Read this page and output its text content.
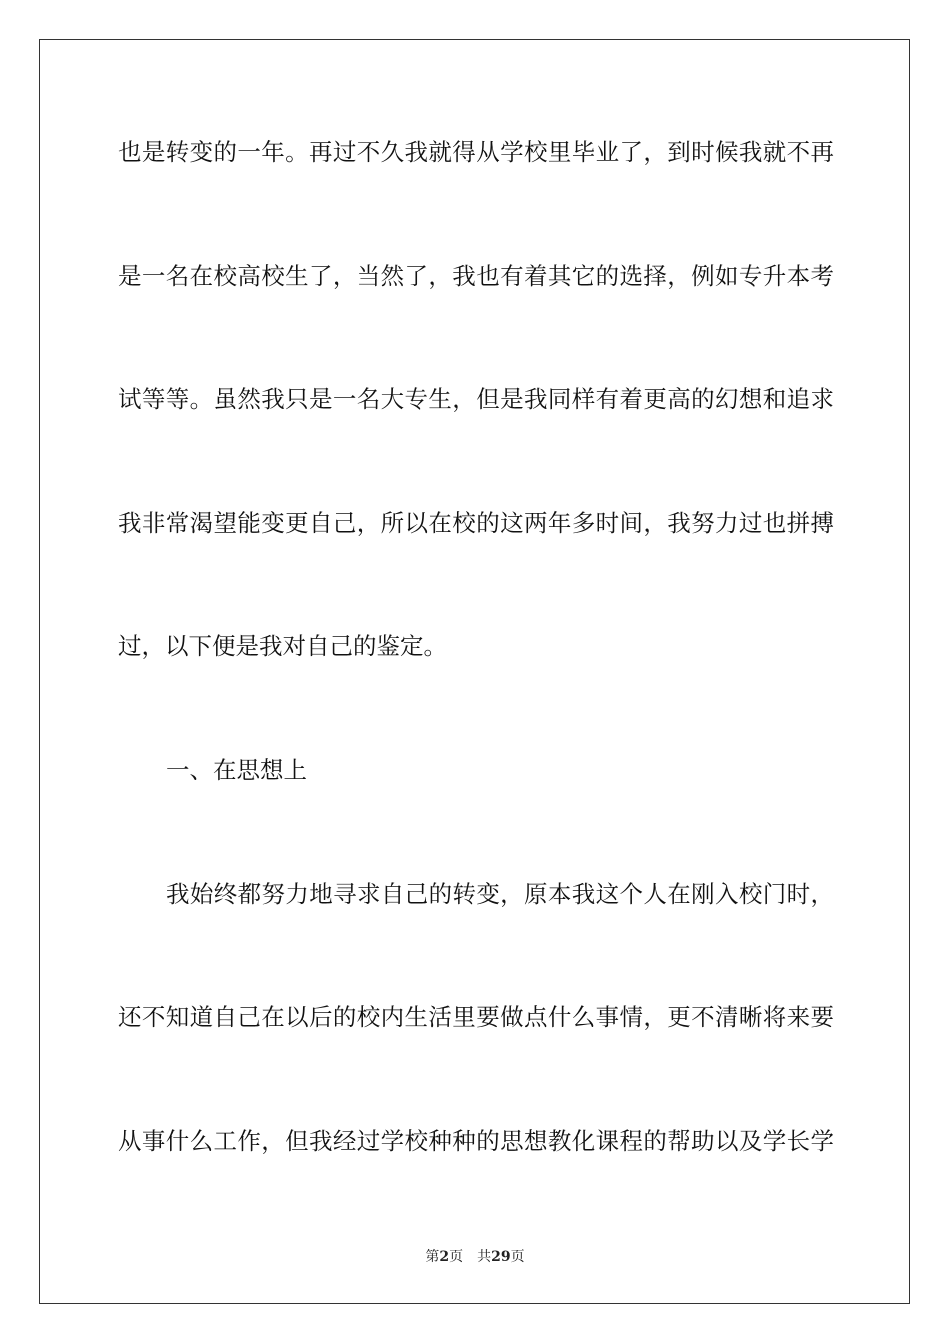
也是转变的一年。再过不久我就得从学校里毕业了，到时候我就不再
是一名在校高校生了，当然了，我也有着其它的选择，例如专升本考
试等等。虽然我只是一名大专生，但是我同样有着更高的幻想和追求
我非常渴望能变更自己，所以在校的这两年多时间，我努力过也拼搏
过，以下便是我对自己的鉴定。
一、在思想上
我始终都努力地寻求自己的转变，原本我这个人在刚入校门时，
还不知道自己在以后的校内生活里要做点什么事情，更不清晰将来要
从事什么工作，但我经过学校种种的思想教化课程的帮助以及学长学
第2页 共29页
